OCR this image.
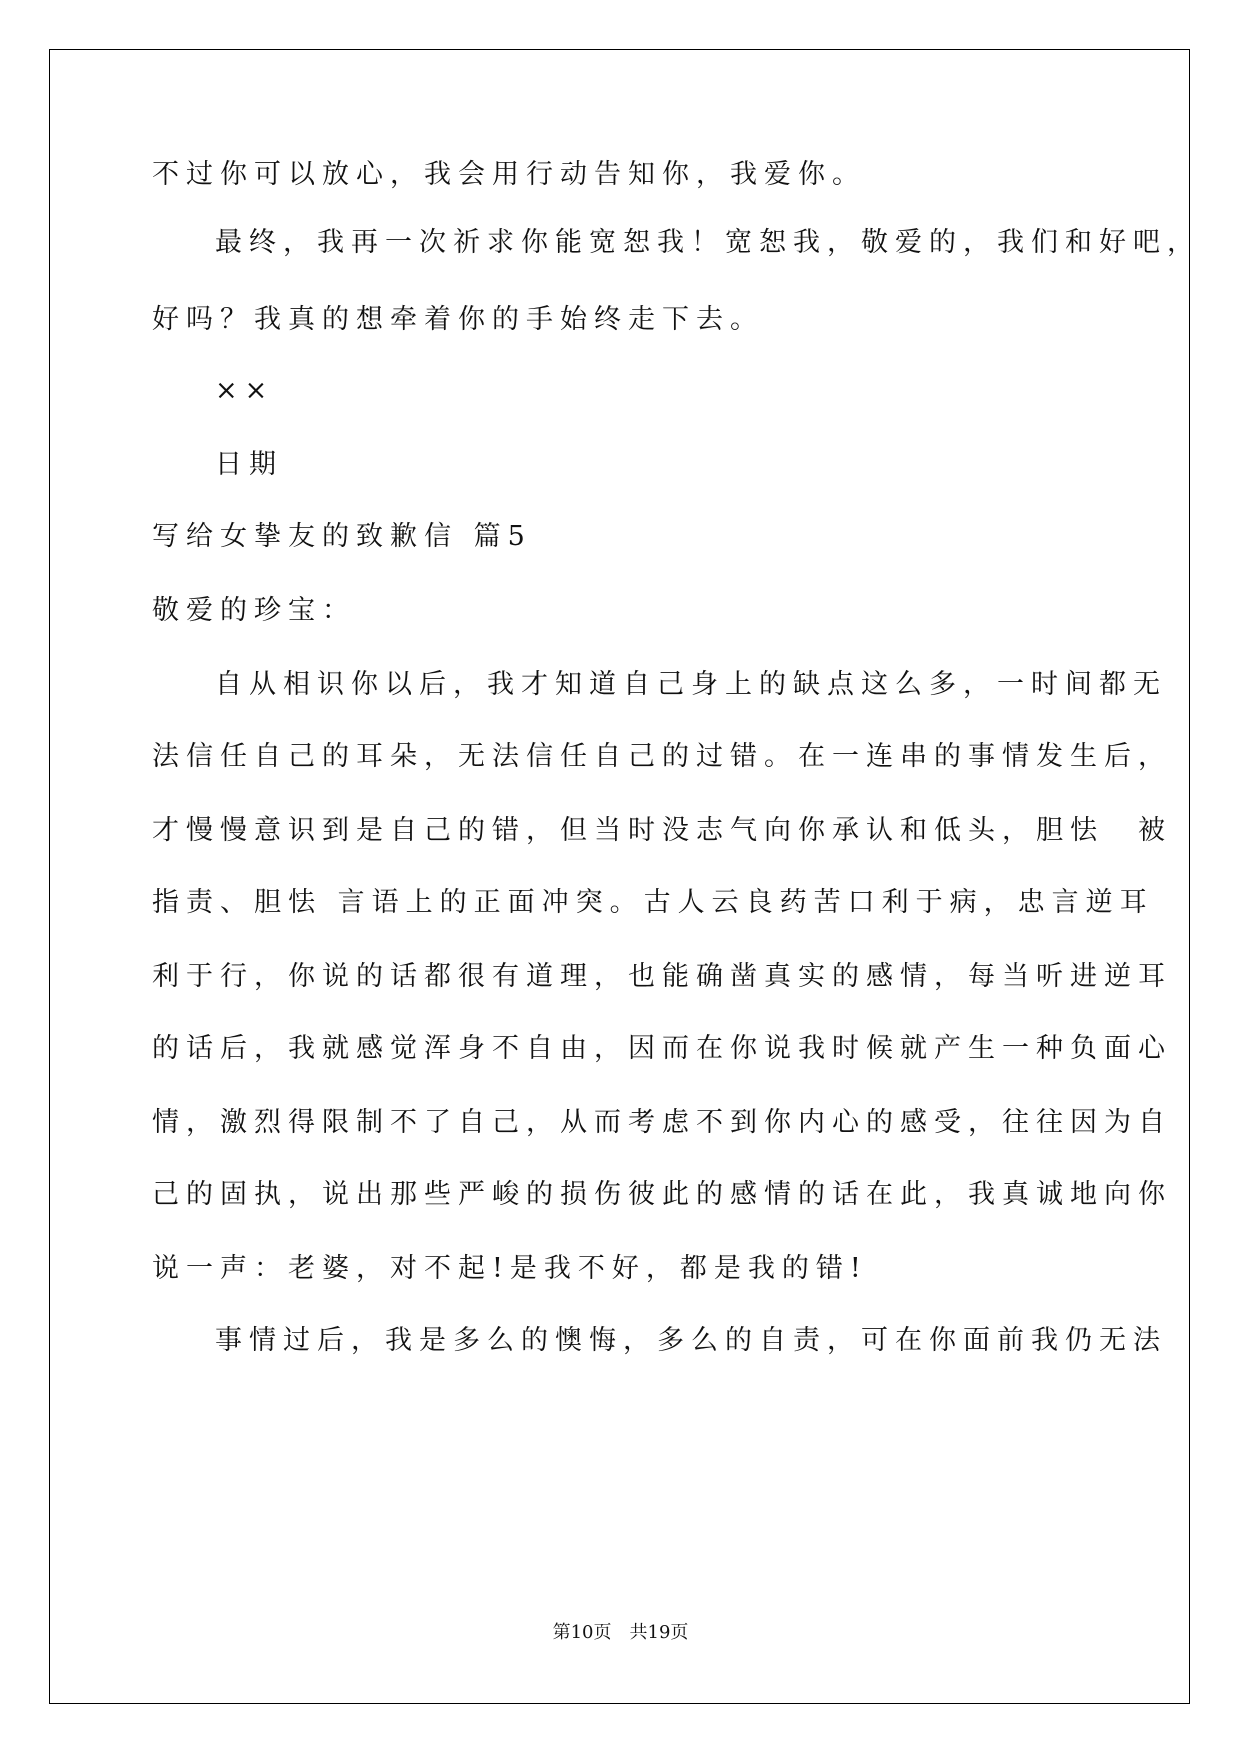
不过你可以放心，我会用行动告知你，我爱你。
最终，我再一次祈求你能宽恕我！宽恕我，敬爱的，我们和好吧，
好吗？我真的想牵着你的手始终走下去。
××
日期
写给女挚友的致歉信 篇5
敬爱的珍宝：
自从相识你以后，我才知道自己身上的缺点这么多，一时间都无
法信任自己的耳朵，无法信任自己的过错。在一连串的事情发生后，
才慢慢意识到是自己的错，但当时没志气向你承认和低头，胆怯　被
指责、胆怯 言语上的正面冲突。古人云良药苦口利于病，忠言逆耳
利于行，你说的话都很有道理，也能确凿真实的感情，每当听进逆耳
的话后，我就感觉浑身不自由，因而在你说我时候就产生一种负面心
情，激烈得限制不了自己，从而考虑不到你内心的感受，往往因为自
己的固执，说出那些严峻的损伤彼此的感情的话在此，我真诚地向你
说一声：老婆，对不起!是我不好，都是我的错!
事情过后，我是多么的懊悔，多么的自责，可在你面前我仍无法
第10页　共19页
